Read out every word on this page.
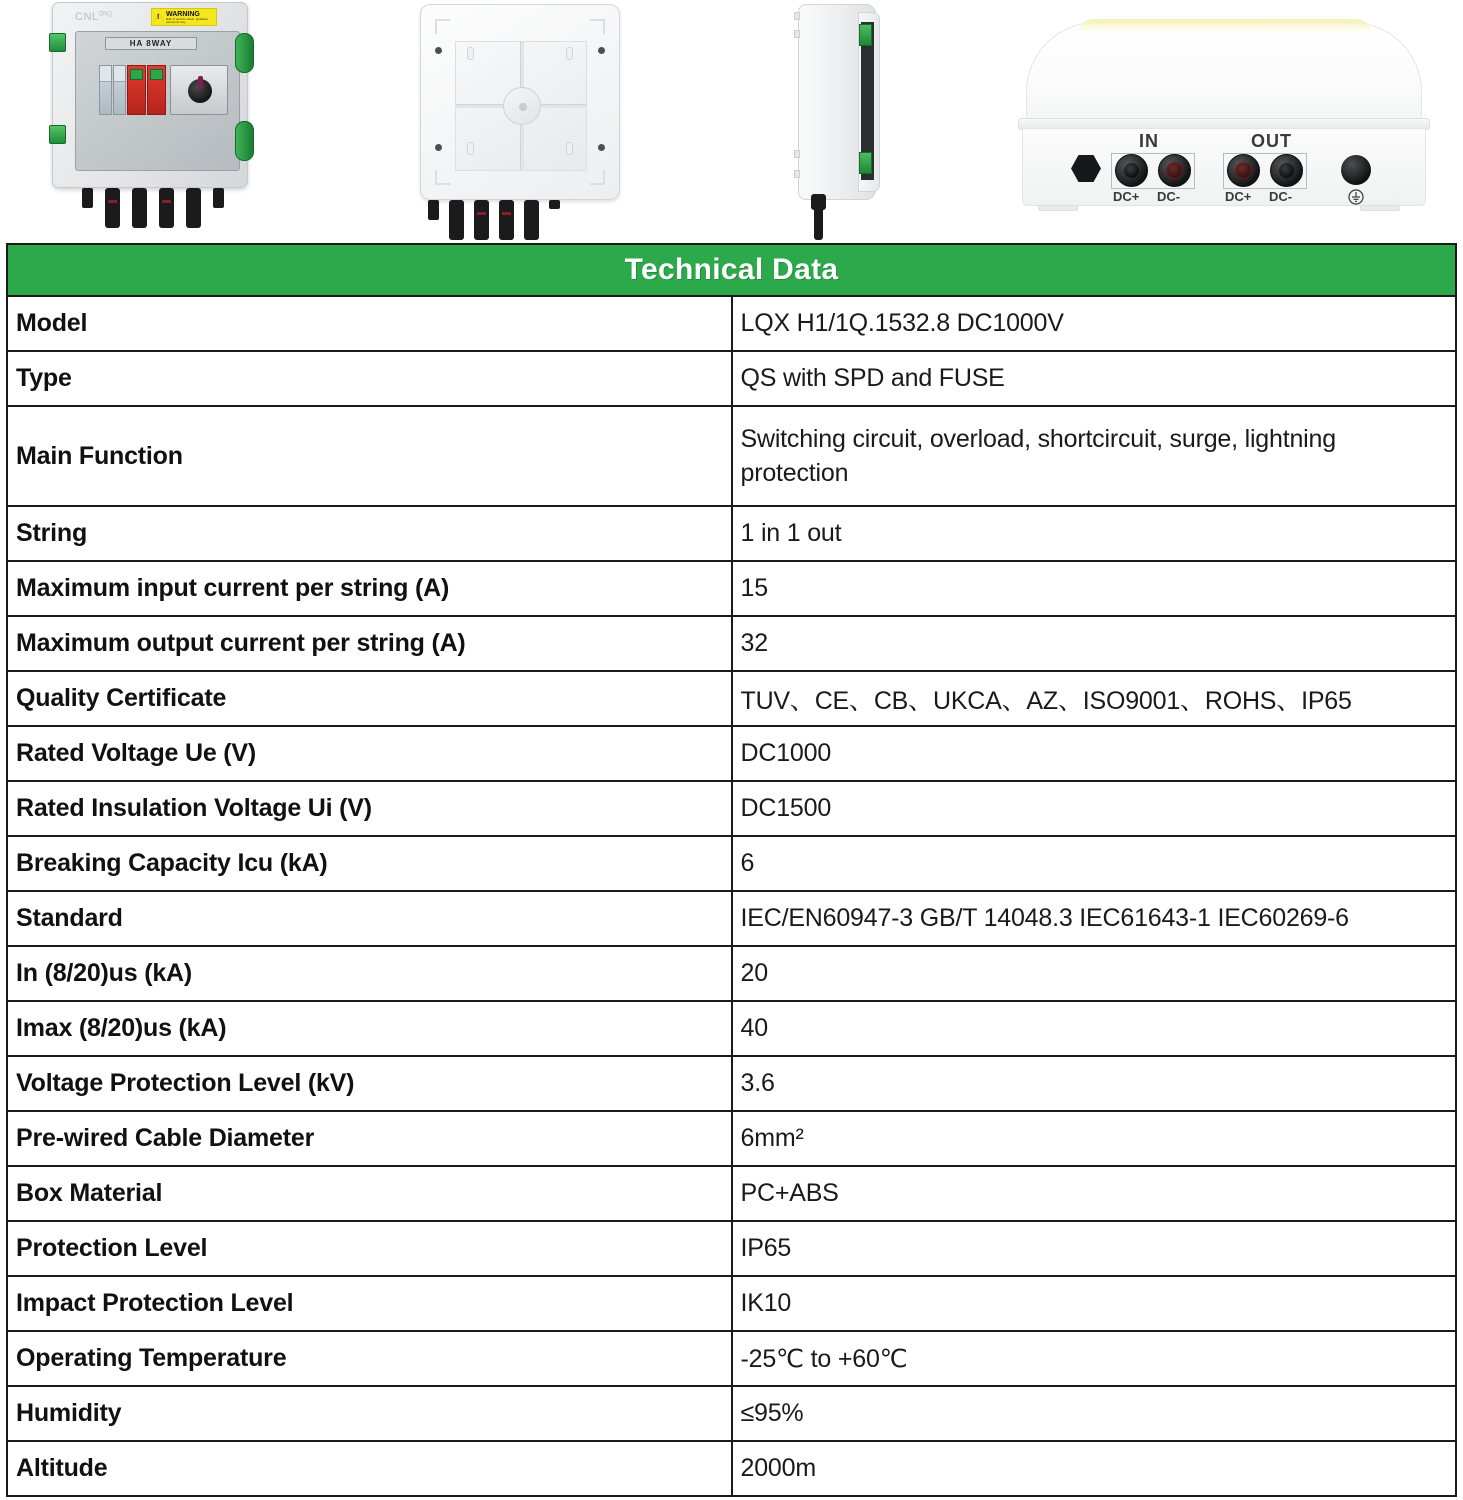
$CNL^{ONQ}$ !	WARNING
Risk of electric shock. Qualified personnel only.
HA 8WAY
IN	OUT
DC+ DC-	DC+ DC-
Technical Data	
Model	LQX H1/1Q.1532.8 DC1000V
Type	QS with SPD and FUSE
Main Function	Switching circuit, overload, shortcircuit, surge, lightning protection
String	1 in 1 out
Maximum input current per string (A)	15
Maximum output current per string (A)	32
Quality Certificate	TUV、CE、CB、UKCA、AZ、ISO9001、ROHS、IP65
Rated Voltage Ue (V)	DC1000
Rated Insulation Voltage Ui (V)	DC1500
Breaking Capacity Icu (kA)	6
Standard	IEC/EN60947-3 GB/T 14048.3 IEC61643-1 IEC60269-6
In (8/20)us (kA)	20
Imax (8/20)us (kA)	40
Voltage Protection Level (kV)	3.6
Pre-wired Cable Diameter	6mm²
Box Material	PC+ABS
Protection Level	IP65
Impact Protection Level	IK10
Operating Temperature	-25℃ to +60℃
Humidity	≤95%
Altitude	2000m
